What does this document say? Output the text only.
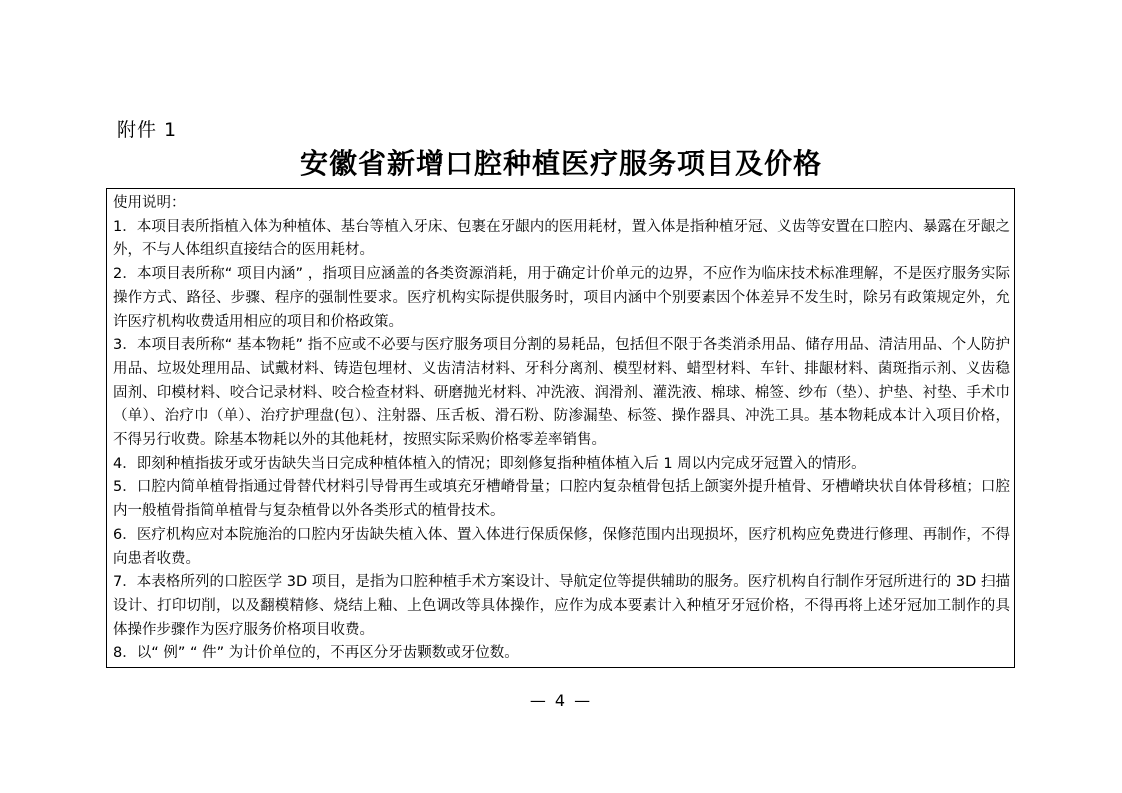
附件 1
安徽省新增口腔种植医疗服务项目及价格

使用说明：

1．本项目表所指植入体为种植体、基台等植入牙床、包裹在牙龈内的医用耗材，置入体是指种植牙冠、义齿等安置在口腔内、暴露在牙龈之外，不与人体组织直接结合的医用耗材。

2．本项目表所称“ 项目内涵” ，指项目应涵盖的各类资源消耗，用于确定计价单元的边界，不应作为临床技术标准理解，不是医疗服务实际操作方式、路径、步骤、程序的强制性要求。医疗机构实际提供服务时，项目内涵中个别要素因个体差异不发生时，除另有政策规定外，允许医疗机构收费适用相应的项目和价格政策。

3．本项目表所称“ 基本物耗” 指不应或不必要与医疗服务项目分割的易耗品，包括但不限于各类消杀用品、储存用品、清洁用品、个人防护用品、垃圾处理用品、试戴材料、铸造包埋材、义齿清洁材料、牙科分离剂、模型材料、蜡型材料、车针、排龈材料、菌斑指示剂、义齿稳固剂、印模材料、咬合记录材料、咬合检查材料、研磨抛光材料、冲洗液、润滑剂、灌洗液、棉球、棉签、纱布（垫）、护垫、衬垫、手术巾（单）、治疗巾（单）、治疗护理盘(包）、注射器、压舌板、滑石粉、防渗漏垫、标签、操作器具、冲洗工具。基本物耗成本计入项目价格，不得另行收费。除基本物耗以外的其他耗材，按照实际采购价格零差率销售。

4．即刻种植指拔牙或牙齿缺失当日完成种植体植入的情况；即刻修复指种植体植入后 1 周以内完成牙冠置入的情形。

5．口腔内简单植骨指通过骨替代材料引导骨再生或填充牙槽嵴骨量；口腔内复杂植骨包括上颌窦外提升植骨、牙槽嵴块状自体骨移植；口腔内一般植骨指简单植骨与复杂植骨以外各类形式的植骨技术。

6．医疗机构应对本院施治的口腔内牙齿缺失植入体、置入体进行保质保修，保修范围内出现损坏，医疗机构应免费进行修理、再制作，不得向患者收费。

7．本表格所列的口腔医学 3D 项目，是指为口腔种植手术方案设计、导航定位等提供辅助的服务。医疗机构自行制作牙冠所进行的 3D 扫描设计、打印切削，以及翻模精修、烧结上釉、上色调改等具体操作，应作为成本要素计入种植牙牙冠价格，不得再将上述牙冠加工制作的具体操作步骤作为医疗服务价格项目收费。

8．以“ 例” “ 件” 为计价单位的，不再区分牙齿颗数或牙位数。

— 4 —
